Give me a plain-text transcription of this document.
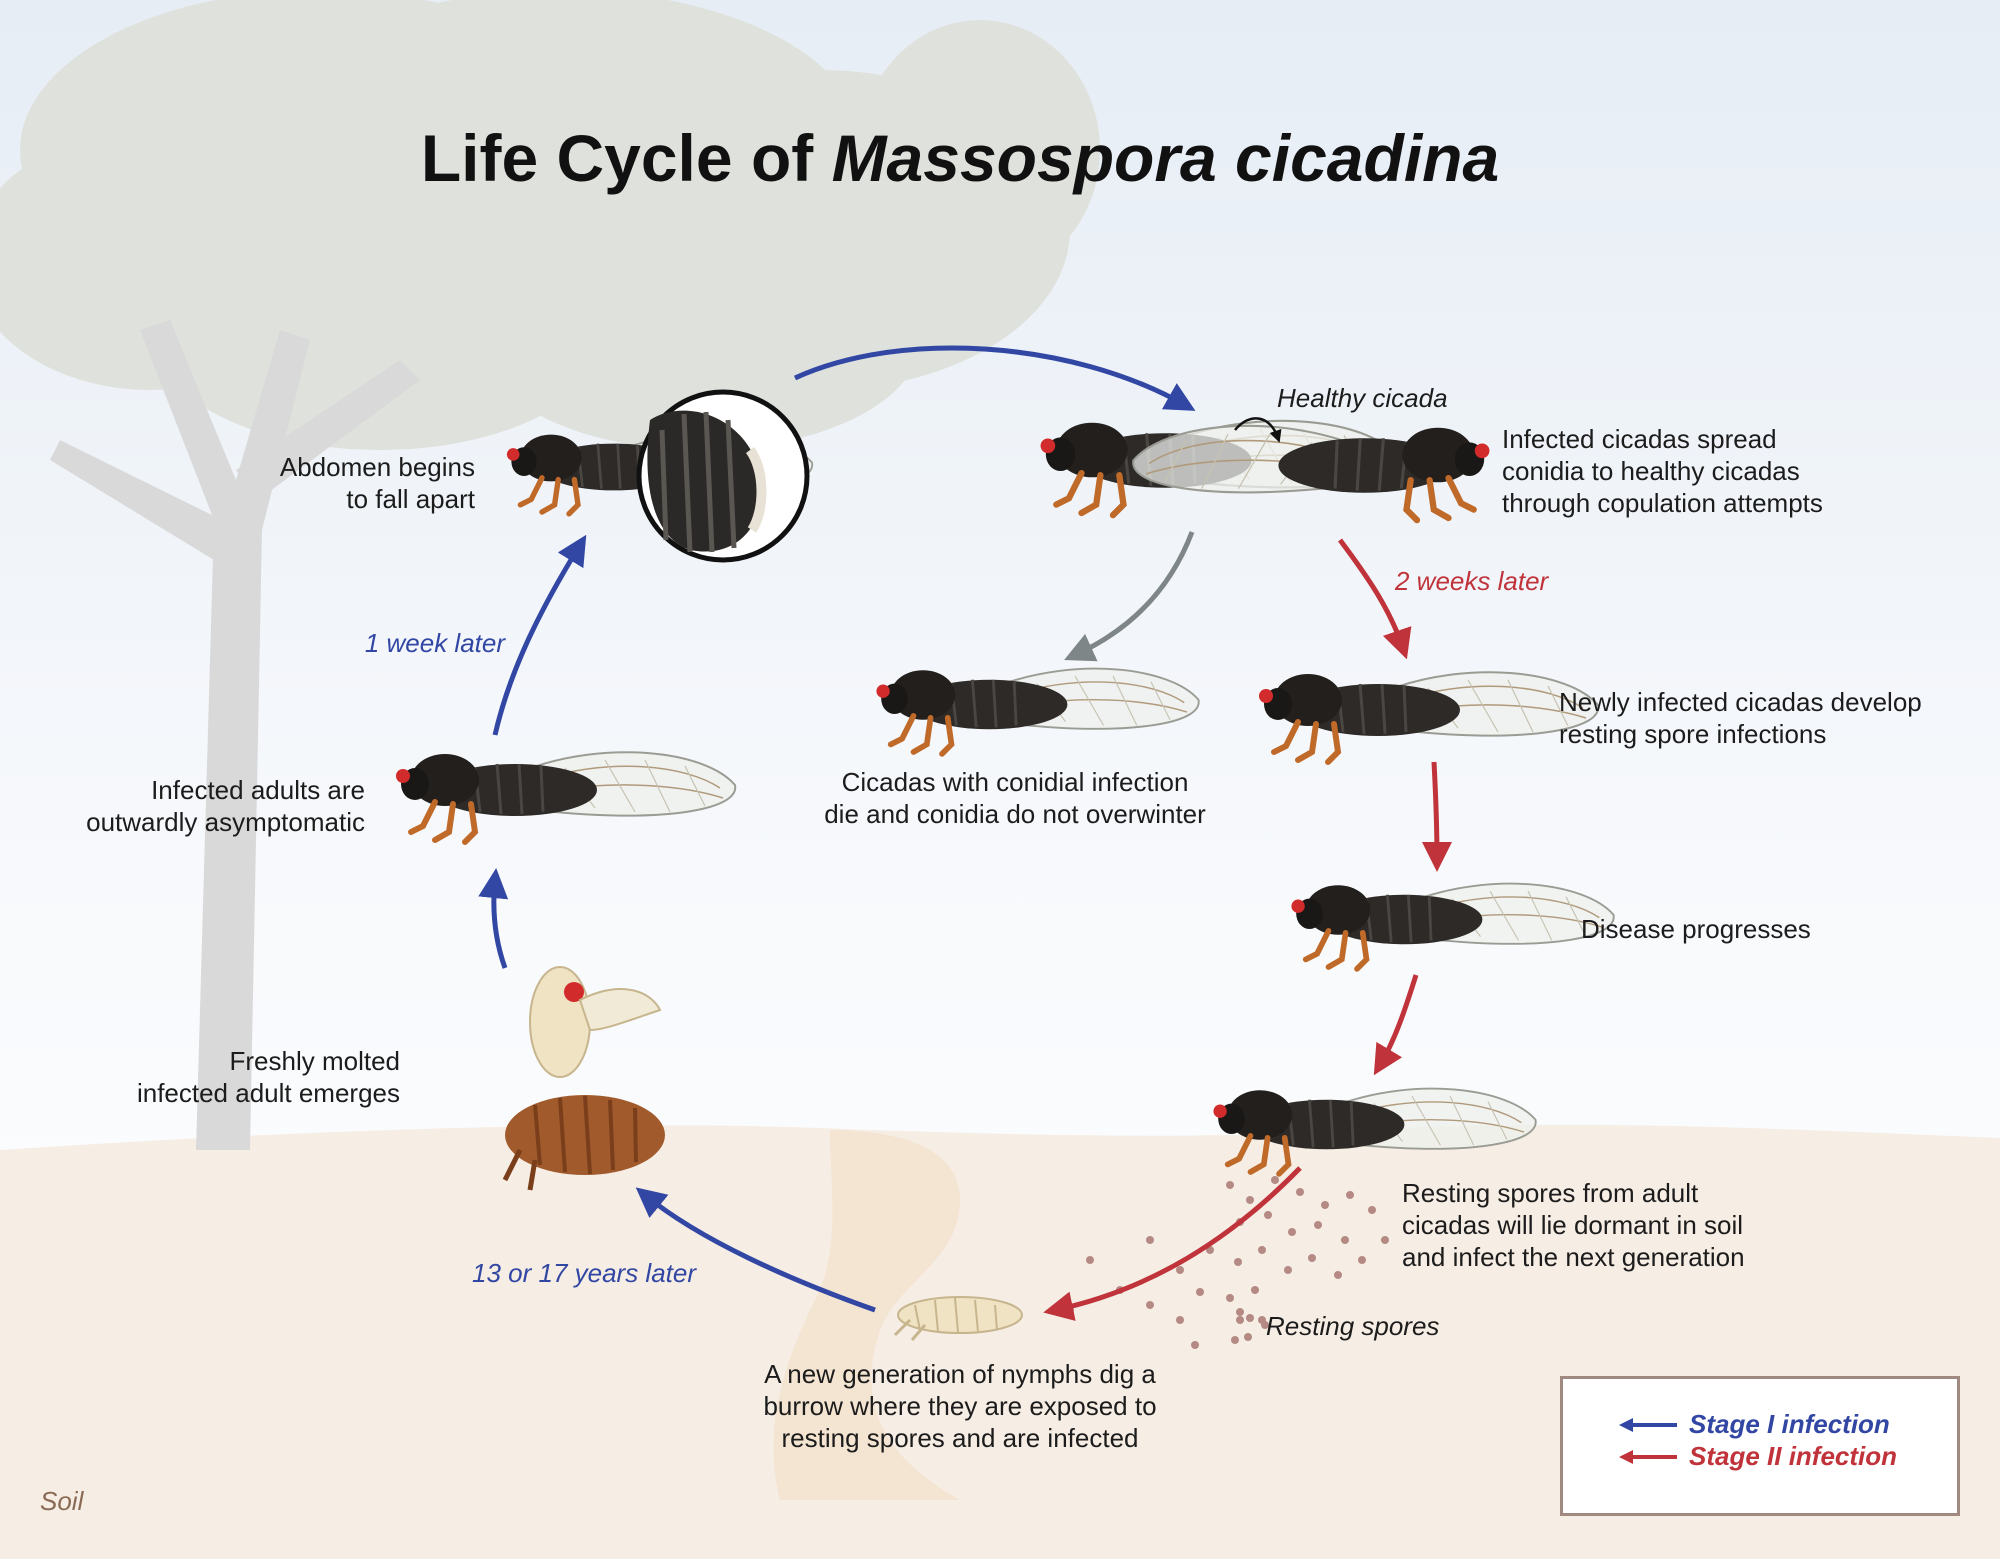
Life Cycle of Massospora cicadina
Abdomen begins
to fall apart
Healthy cicada
Infected cicadas spread
conidia to healthy cicadas
through copulation attempts
Cicadas with conidial infection
die and conidia do not overwinter
Newly infected cicadas develop
resting spore infections
Disease progresses
Resting spores from adult
cicadas will lie dormant in soil
and infect the next generation
Resting spores
A new generation of nymphs dig a
burrow where they are exposed to
resting spores and are infected
Freshly molted
infected adult emerges
Infected adults are
outwardly asymptomatic
1 week later
2 weeks later
13 or 17 years later
Soil
Stage I infection
Stage II infection
